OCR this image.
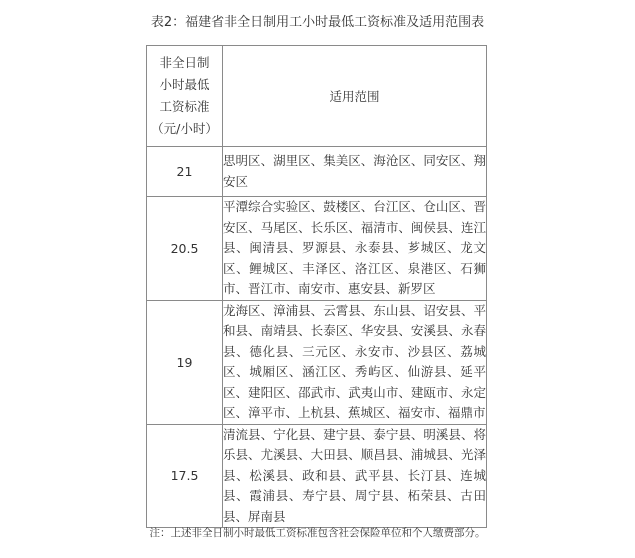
表2：福建省非全日制用工小时最低工资标准及适用范围表
非全日制
小时最低
工资标准
（元/小时）	适用范围
21	思明区、湖里区、集美区、海沧区、同安区、翔安区
20.5	平潭综合实验区、鼓楼区、台江区、仓山区、晋安区、马尾区、长乐区、福清市、闽侯县、连江县、闽清县、罗源县、永泰县、芗城区、龙文区、鲤城区、丰泽区、洛江区、泉港区、石狮市、晋江市、南安市、惠安县、新罗区
19	龙海区、漳浦县、云霄县、东山县、诏安县、平和县、南靖县、长泰区、华安县、安溪县、永春县、德化县、三元区、永安市、沙县区、荔城区、城厢区、涵江区、秀屿区、仙游县、延平区、建阳区、邵武市、武夷山市、建瓯市、永定区、漳平市、上杭县、蕉城区、福安市、福鼎市
17.5	清流县、宁化县、建宁县、泰宁县、明溪县、将乐县、尤溪县、大田县、顺昌县、浦城县、光泽县、松溪县、政和县、武平县、长汀县、连城县、霞浦县、寿宁县、周宁县、柘荣县、古田县、屏南县
注：上述非全日制小时最低工资标准包含社会保险单位和个人缴费部分。
